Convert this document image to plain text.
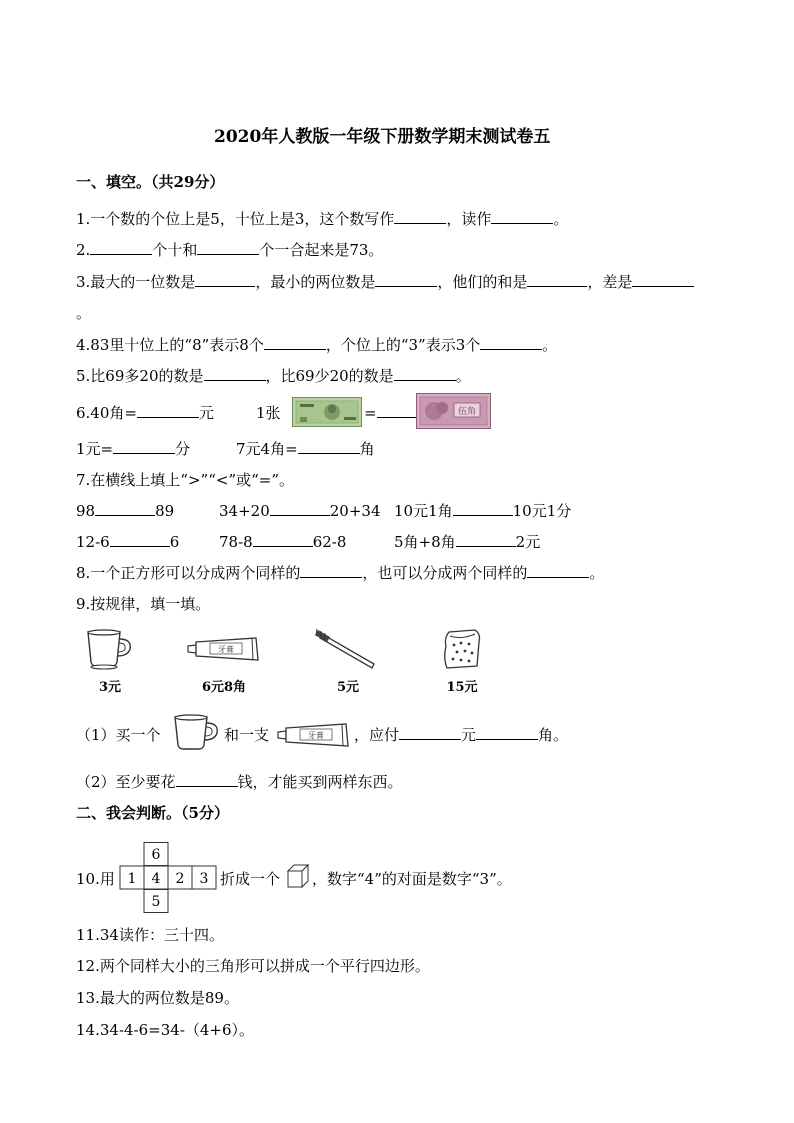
2020年人教版一年级下册数学期末测试卷五
一、填空。（共29分）
1.一个数的个位上是5，十位上是3，这个数写作	，读作	。
2.	个十和	个一合起来是73。
3.最大的一位数是	，最小的两位数是	，他们的和是	，差是
。
4.83里十位上的“8”表示8个	，个位上的“3”表示3个	。
5.比69多20的数是	，比69少20的数是	。
6.40角=	元	1张	=	伍角
1元=	分	7元4角=	角
7.在横线上填上“>”“<”或“=”。
98	89	34+20	20+34 10元1角	10元1分
12-6	6	78-8	62-8	5角+8角	2元
8.一个正方形可以分成两个同样的	，也可以分成两个同样的	。
9.按规律，填一填。
牙膏
3元	6元8角	5元	15元
（1）买一个	和一支	牙膏 ，应付	元	角。
（2）至少要花	钱，才能买到两样东西。
二、我会判断。（5分）
10.用
6
1 4 2 3
5
折成一个 ，数字“4”的对面是数字“3”。
11.34读作：三十四。
12.两个同样大小的三角形可以拼成一个平行四边形。
13.最大的两位数是89。
14.34-4-6=34-（4+6）。
